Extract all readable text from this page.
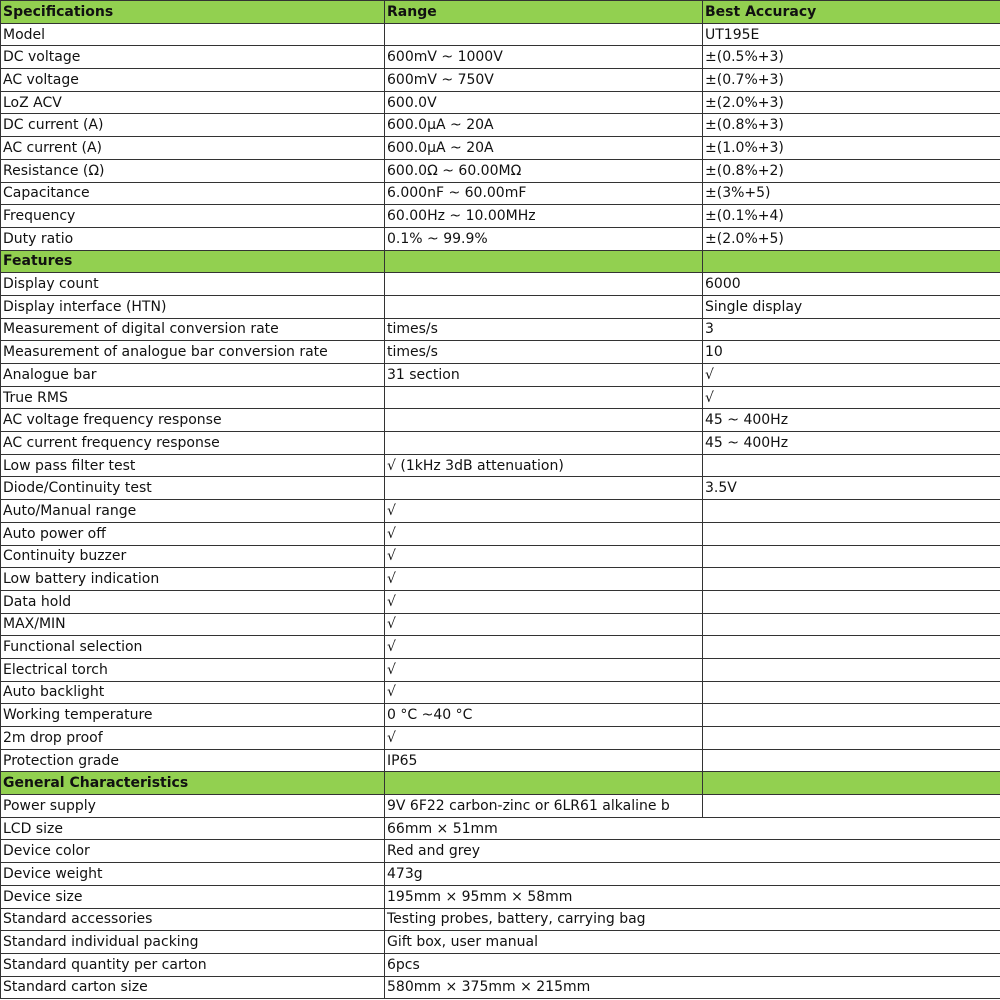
Specifications	Range	Best Accuracy
Model		UT195E
DC voltage	600mV ~ 1000V	±(0.5%+3)
AC voltage	600mV ~ 750V	±(0.7%+3)
LoZ ACV	600.0V	±(2.0%+3)
DC current (A)	600.0μA ~ 20A	±(0.8%+3)
AC current (A)	600.0μA ~ 20A	±(1.0%+3)
Resistance (Ω)	600.0Ω ~ 60.00MΩ	±(0.8%+2)
Capacitance	6.000nF ~ 60.00mF	±(3%+5)
Frequency	60.00Hz ~ 10.00MHz	±(0.1%+4)
Duty ratio	0.1% ~ 99.9%	±(2.0%+5)
Features		
Display count		6000
Display interface (HTN)		Single display
Measurement of digital conversion rate	times/s	3
Measurement of analogue bar conversion rate	times/s	10
Analogue bar	31 section	√
True RMS		√
AC voltage frequency response		45 ~ 400Hz
AC current frequency response		45 ~ 400Hz
Low pass filter test	√ (1kHz 3dB attenuation)	
Diode/Continuity test		3.5V
Auto/Manual range	√	
Auto power off	√	
Continuity buzzer	√	
Low battery indication	√	
Data hold	√	
MAX/MIN	√	
Functional selection	√	
Electrical torch	√	
Auto backlight	√	
Working temperature	0 °C ~40 °C	
2m drop proof	√	
Protection grade	IP65	
General Characteristics		
Power supply	9V 6F22 carbon-zinc or 6LR61 alkaline b	
LCD size	66mm × 51mm	
Device color	Red and grey	
Device weight	473g	
Device size	195mm × 95mm × 58mm	
Standard accessories	Testing probes, battery, carrying bag	
Standard individual packing	Gift box, user manual	
Standard quantity per carton	6pcs	
Standard carton size	580mm × 375mm × 215mm	
